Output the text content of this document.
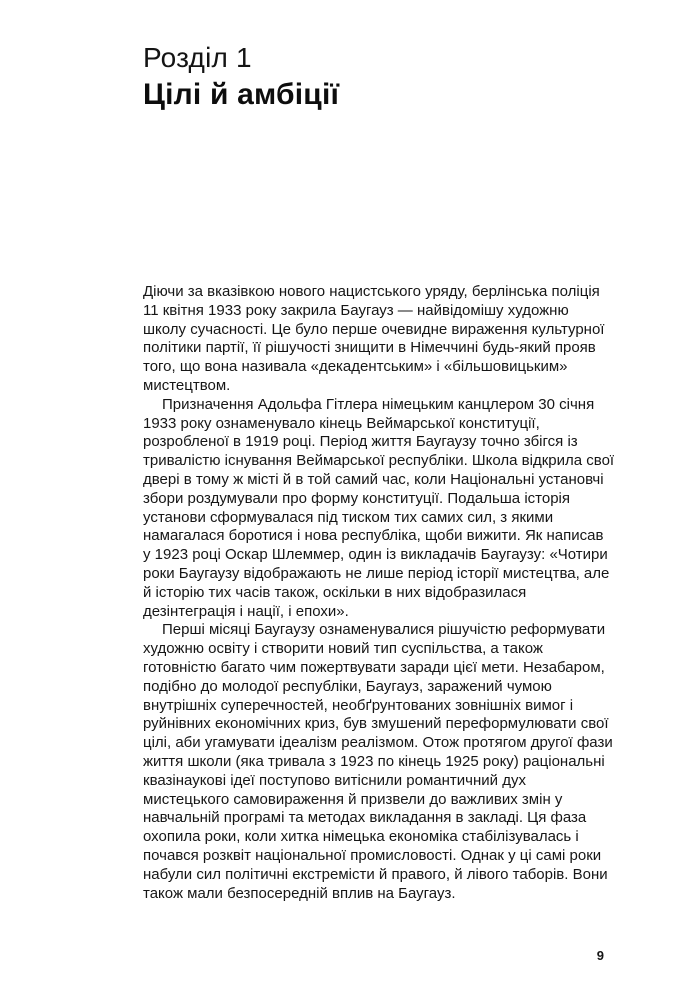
Розділ 1
Цілі й амбіції

Діючи за вказівкою нового нацистського уряду, берлінська поліція 11 квітня 1933 року закрила Баугауз — найвідомішу художню школу сучасності. Це було перше очевидне вираження культурної політики партії, її рішучості знищити в Німеччині будь-який прояв того, що вона називала «декадентським» і «більшовицьким» мистецтвом.

Призначення Адольфа Гітлера німецьким канцлером 30 січня 1933 року ознаменувало кінець Веймарської конституції, розробленої в 1919 році. Період життя Баугаузу точно збігся із тривалістю існування Веймарської республіки. Школа відкрила свої двері в тому ж місті й в той самий час, коли Національні установчі збори роздумували про форму конституції. Подальша історія установи сформувалася під тиском тих самих сил, з якими намагалася боротися і нова республіка, щоби вижити. Як написав у 1923 році Оскар Шлеммер, один із викладачів Баугаузу: «Чотири роки Баугаузу відображають не лише період історії мистецтва, але й історію тих часів також, оскільки в них відобразилася дезінтеграція і нації, і епохи».

Перші місяці Баугаузу ознаменувалися рішучістю реформувати художню освіту і створити новий тип суспільства, а також готовністю багато чим пожертвувати заради цієї мети. Незабаром, подібно до молодої республіки, Баугауз, заражений чумою внутрішніх суперечностей, необґрунтованих зовнішніх вимог і руйнівних економічних криз, був змушений переформулювати свої цілі, аби угамувати ідеалізм реалізмом. Отож протягом другої фази життя школи (яка тривала з 1923 по кінець 1925 року) раціональні квазінаукові ідеї поступово витіснили романтичний дух мистецького самовираження й призвели до важливих змін у навчальній програмі та методах викладання в закладі. Ця фаза охопила роки, коли хитка німецька економіка стабілізувалась і почався розквіт національної промисловості. Однак у ці самі роки набули сил політичні екстремісти й правого, й лівого таборів. Вони також мали безпосередній вплив на Баугауз.

9
